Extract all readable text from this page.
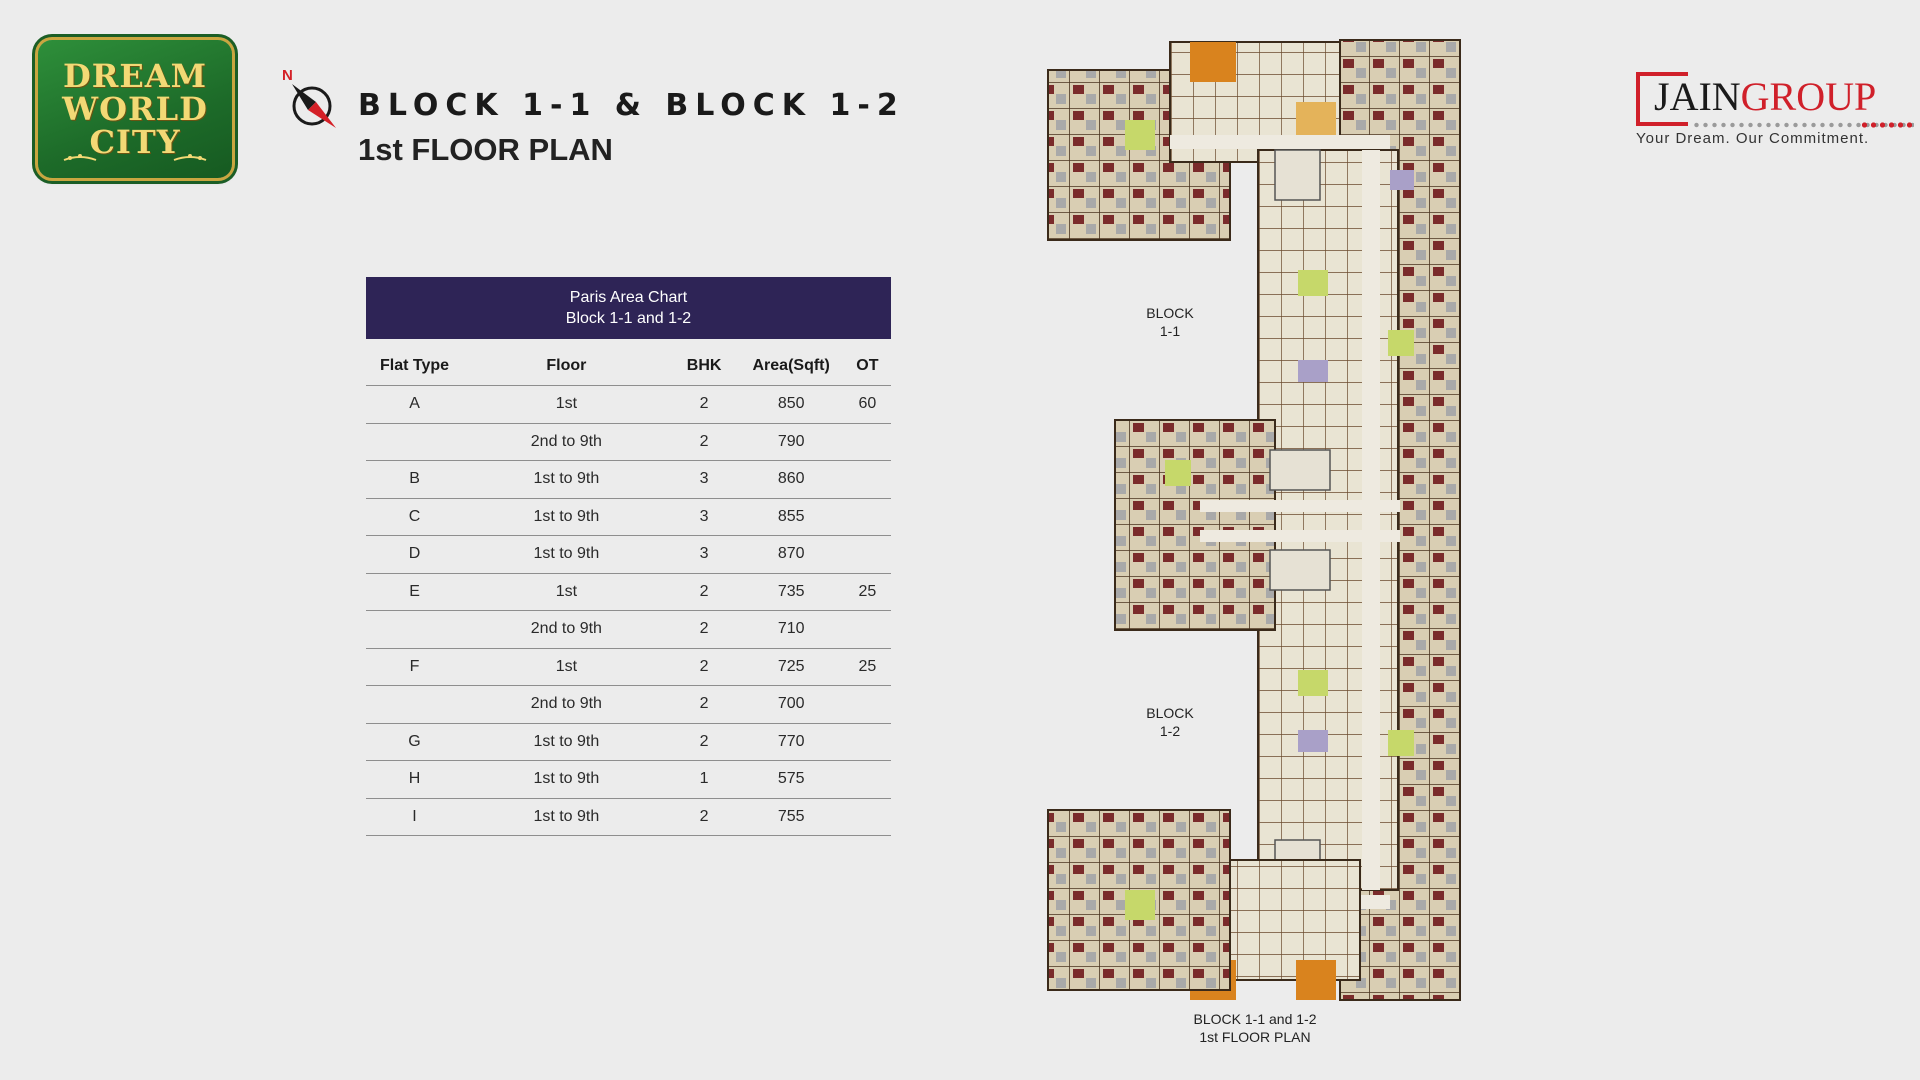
DREAM
WORLD
CITY
N
BLOCK 1-1 & BLOCK 1-2
1st FLOOR PLAN
JAINGROUP
Your Dream. Our Commitment.
Paris Area Chart
Block 1-1 and 1-2
Flat Type	Floor	BHK	Area(Sqft)	OT
A	1st	2	850	60
	2nd to 9th	2	790	
B	1st to 9th	3	860	
C	1st to 9th	3	855	
D	1st to 9th	3	870	
E	1st	2	735	25
	2nd to 9th	2	710	
F	1st	2	725	25
	2nd to 9th	2	700	
G	1st to 9th	2	770	
H	1st to 9th	1	575	
I	1st to 9th	2	755	
BLOCK
1-1
BLOCK
1-2
BLOCK 1-1 and 1-2
1st FLOOR PLAN
